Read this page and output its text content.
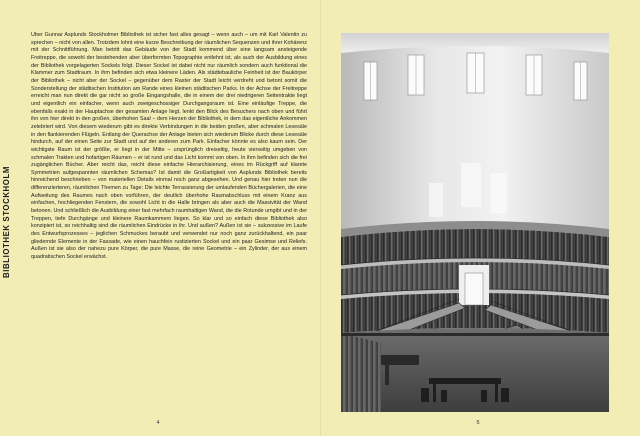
BIBLIOTHEK STOCKHOLM
Über Gunnar Asplunds Stockholmer Bibliothek ist sicher fast alles gesagt – wenn auch – um mit Karl Valentin zu sprechen – nicht von allen. Trotzdem lohnt eine kurze Beschreibung der räumlichen Sequenzen und ihrer Kohärenz mit der Schnittführung. Man betritt das Gebäude von der Stadt kommend über eine langsam ansteigende Freitreppe, die sowohl der bestehenden aber überformten Topographie entlehnt ist, als auch der Ausbildung eines der Bibliothek vorgelagerten Sockels folgt. Dieser Sockel ist dabei nicht nur räumlich sondern auch funktional die Klammer zum Stadtraum. In ihm befinden sich etwa kleinere Läden. Als städtebauliche Feinheit ist der Baukörper der Bibliothek – nicht aber der Sockel – gegenüber dem Raster der Stadt leicht verdreht und betont somit die Sonderstellung der städtischen Institution am Rande eines kleinen städtischen Parks. In der Achse der Freitreppe erreicht man nun direkt die gar nicht so große Eingangshalle, die in einem der drei niedrigeren Seitentrakte liegt und eigentlich ein einfacher, wenn auch zweigeschossiger Durchgangsraum ist. Eine einläufige Treppe, die ebenfalls exakt in der Hauptachse der gesamten Anlage liegt, lenkt den Blick des Besuchers nach oben und führt ihn von hier direkt in den großen, überhohen Saal – dem Herzen der Bibliothek, in dem das eigentliche Ankommen zelebriert wird. Von diesem wiederum gibt es direkte Verbindungen in die beiden großen, aber schmalen Lesesäle in den flankierenden Flügeln. Entlang der Querachse der Anlage bieten sich wiederum Blicke durch diese Lesesäle hindurch, auf der einen Seite zur Stadt und auf der anderen zum Park. Einfacher könnte es also kaum sein. Der wichtigste Raum ist der größte, er liegt in der Mitte – ursprünglich dreiseitig, heute vierseitig umgeben von schmalen Trakten und hofartigen Räumen – er ist rund und das Licht kommt von oben. In ihm befinden sich die frei zugänglichen Bücher. Aber reicht das, reicht diese einfache Hierarchisierung, eines im Rückgriff auf klarete Symmetrien aufgespannten räumlichen Schemas? Ist damit die Großartigkeit von Asplunds Bibliothek bereits hinreichend beschrieben – von materiellen Details einmal noch ganz abgesehen. Und genau hier treten nun die differenzierteren, räumlichen Themen zu Tage: Die leichte Terrassierung der umlaufenden Büchergalerien, die eine Aufweitung des Raumes nach oben vorführen, der deutlich überhohe Raumabschluss mit einem Kranz aus einfachen, hochliegenden Fenstern, die sowohl Licht in die Halle bringen als aber auch die Massivität der Wand betonen. Und schließlich die Ausbildung einer fast mehrfach raumhaltigen Wand, die die Rotunde umgibt und in der Treppen, tiefe Durchgänge und kleinere Raumkammern liegen. So klar und so einfach diese Bibliothek also konzipiert ist, so reichhaltig sind die räumlichen Eindrücke in ihr. Und außen? Außen ist sie – sukzessive im Laufe des Entwurfsprozesses – jeglichen Schmuckes beraubt und verwendet nur noch ganz zurückhaltend, ein paar gliedernde Elemente in der Fassade, wie einen hauchfein rustizierten Sockel und ein paar Gesimse und Reliefs. Außen ist sie also der nahezu pure Körper, die pure Masse, die reine Geometrie – ein Zylinder, der aus einem quadratischen Sockel erwächst.
4	5
